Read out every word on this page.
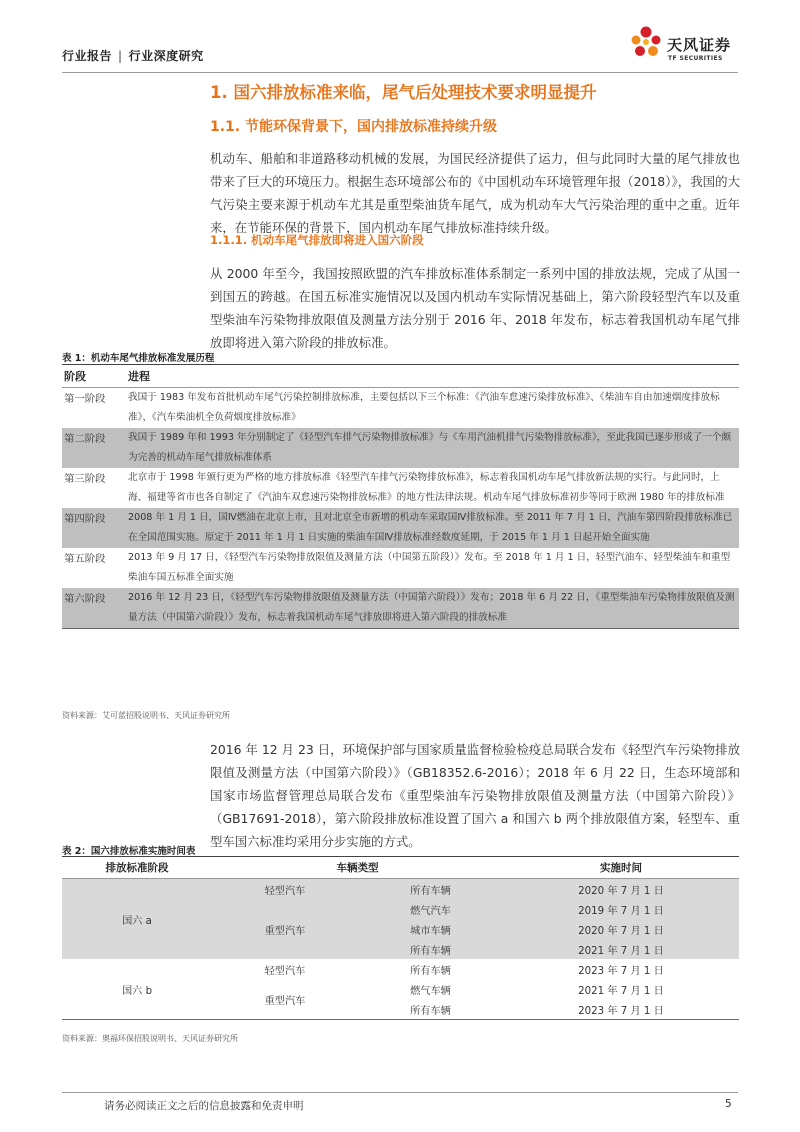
行业报告 | 行业深度研究
天风证券
TF SECURITIES
1. 国六排放标准来临，尾气后处理技术要求明显提升
1.1. 节能环保背景下，国内排放标准持续升级
机动车、船舶和非道路移动机械的发展，为国民经济提供了运力，但与此同时大量的尾气排放也带来了巨大的环境压力。根据生态环境部公布的《中国机动车环境管理年报（2018）》，我国的大气污染主要来源于机动车尤其是重型柴油货车尾气，成为机动车大气污染治理的重中之重。近年来，在节能环保的背景下，国内机动车尾气排放标准持续升级。
1.1.1. 机动车尾气排放即将进入国六阶段
从 2000 年至今，我国按照欧盟的汽车排放标准体系制定一系列中国的排放法规，完成了从国一到国五的跨越。在国五标准实施情况以及国内机动车实际情况基础上，第六阶段轻型汽车以及重型柴油车污染物排放限值及测量方法分别于 2016 年、2018 年发布，标志着我国机动车尾气排放即将进入第六阶段的排放标准。
表 1：机动车尾气排放标准发展历程
阶段	进程
第一阶段	我国于 1983 年发布首批机动车尾气污染控制排放标准，主要包括以下三个标准：《汽油车怠速污染排放标准》、《柴油车自由加速烟度排放标准》、《汽车柴油机全负荷烟度排放标准》
第二阶段	我国于 1989 年和 1993 年分别制定了《轻型汽车排气污染物排放标准》与《车用汽油机排气污染物排放标准》，至此我国已逐步形成了一个颇为完善的机动车尾气排放标准体系
第三阶段	北京市于 1998 年颁行更为严格的地方排放标准《轻型汽车排气污染物排放标准》，标志着我国机动车尾气排放新法规的实行。与此同时，上海、福建等省市也各自制定了《汽油车双怠速污染物排放标准》的地方性法律法规。机动车尾气排放标准初步等同于欧洲 1980 年的排放标准
第四阶段	2008 年 1 月 1 日，国Ⅳ燃油在北京上市，且对北京全市新增的机动车采取国Ⅳ排放标准。至 2011 年 7 月 1 日，汽油车第四阶段排放标准已在全国范围实施。原定于 2011 年 1 月 1 日实施的柴油车国Ⅳ排放标准经数度延期，于 2015 年 1 月 1 日起开始全面实施
第五阶段	2013 年 9 月 17 日，《轻型汽车污染物排放限值及测量方法（中国第五阶段）》发布。至 2018 年 1 月 1 日，轻型汽油车、轻型柴油车和重型柴油车国五标准全面实施
第六阶段	2016 年 12 月 23 日，《轻型汽车污染物排放限值及测量方法（中国第六阶段）》发布；2018 年 6 月 22 日，《重型柴油车污染物排放限值及测量方法（中国第六阶段）》发布，标志着我国机动车尾气排放即将进入第六阶段的排放标准
资料来源：艾可蓝招股说明书、天风证券研究所
2016 年 12 月 23 日，环境保护部与国家质量监督检验检疫总局联合发布《轻型汽车污染物排放限值及测量方法（中国第六阶段）》（GB18352.6-2016）；2018 年 6 月 22 日，生态环境部和国家市场监督管理总局联合发布《重型柴油车污染物排放限值及测量方法（中国第六阶段）》（GB17691-2018），第六阶段排放标准设置了国六 a 和国六 b 两个排放限值方案，轻型车、重型车国六标准均采用分步实施的方式。
表 2：国六排放标准实施时间表
排放标准阶段	车辆类型		实施时间
国六 a	轻型汽车	所有车辆	2020 年 7 月 1 日
	重型汽车	燃气汽车	2019 年 7 月 1 日
		城市车辆	2020 年 7 月 1 日
		所有车辆	2021 年 7 月 1 日
国六 b	轻型汽车	所有车辆	2023 年 7 月 1 日
	重型汽车	燃气车辆	2021 年 7 月 1 日
		所有车辆	2023 年 7 月 1 日
资料来源：奥福环保招股说明书、天风证券研究所
请务必阅读正文之后的信息披露和免责申明	5
